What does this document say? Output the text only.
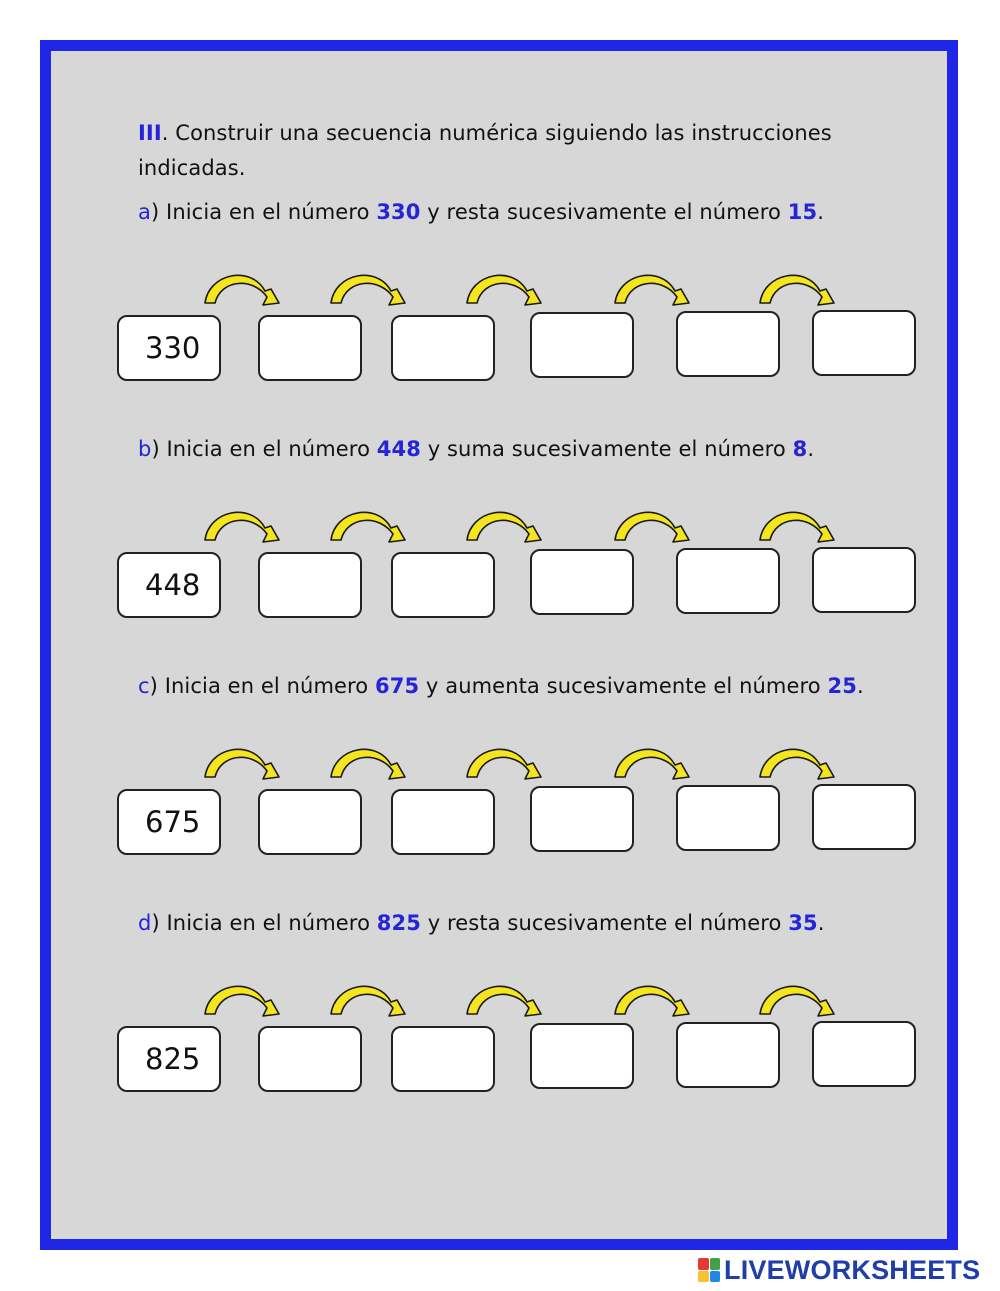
III. Construir una secuencia numérica siguiendo las instrucciones indicadas.
a) Inicia en el número 330 y resta sucesivamente el número 15.
b) Inicia en el número 448 y suma sucesivamente el número 8.
c) Inicia en el número 675 y aumenta sucesivamente el número 25.
d) Inicia en el número 825 y resta sucesivamente el número 35.
330
448
675
825
LIVEWORKSHEETS
